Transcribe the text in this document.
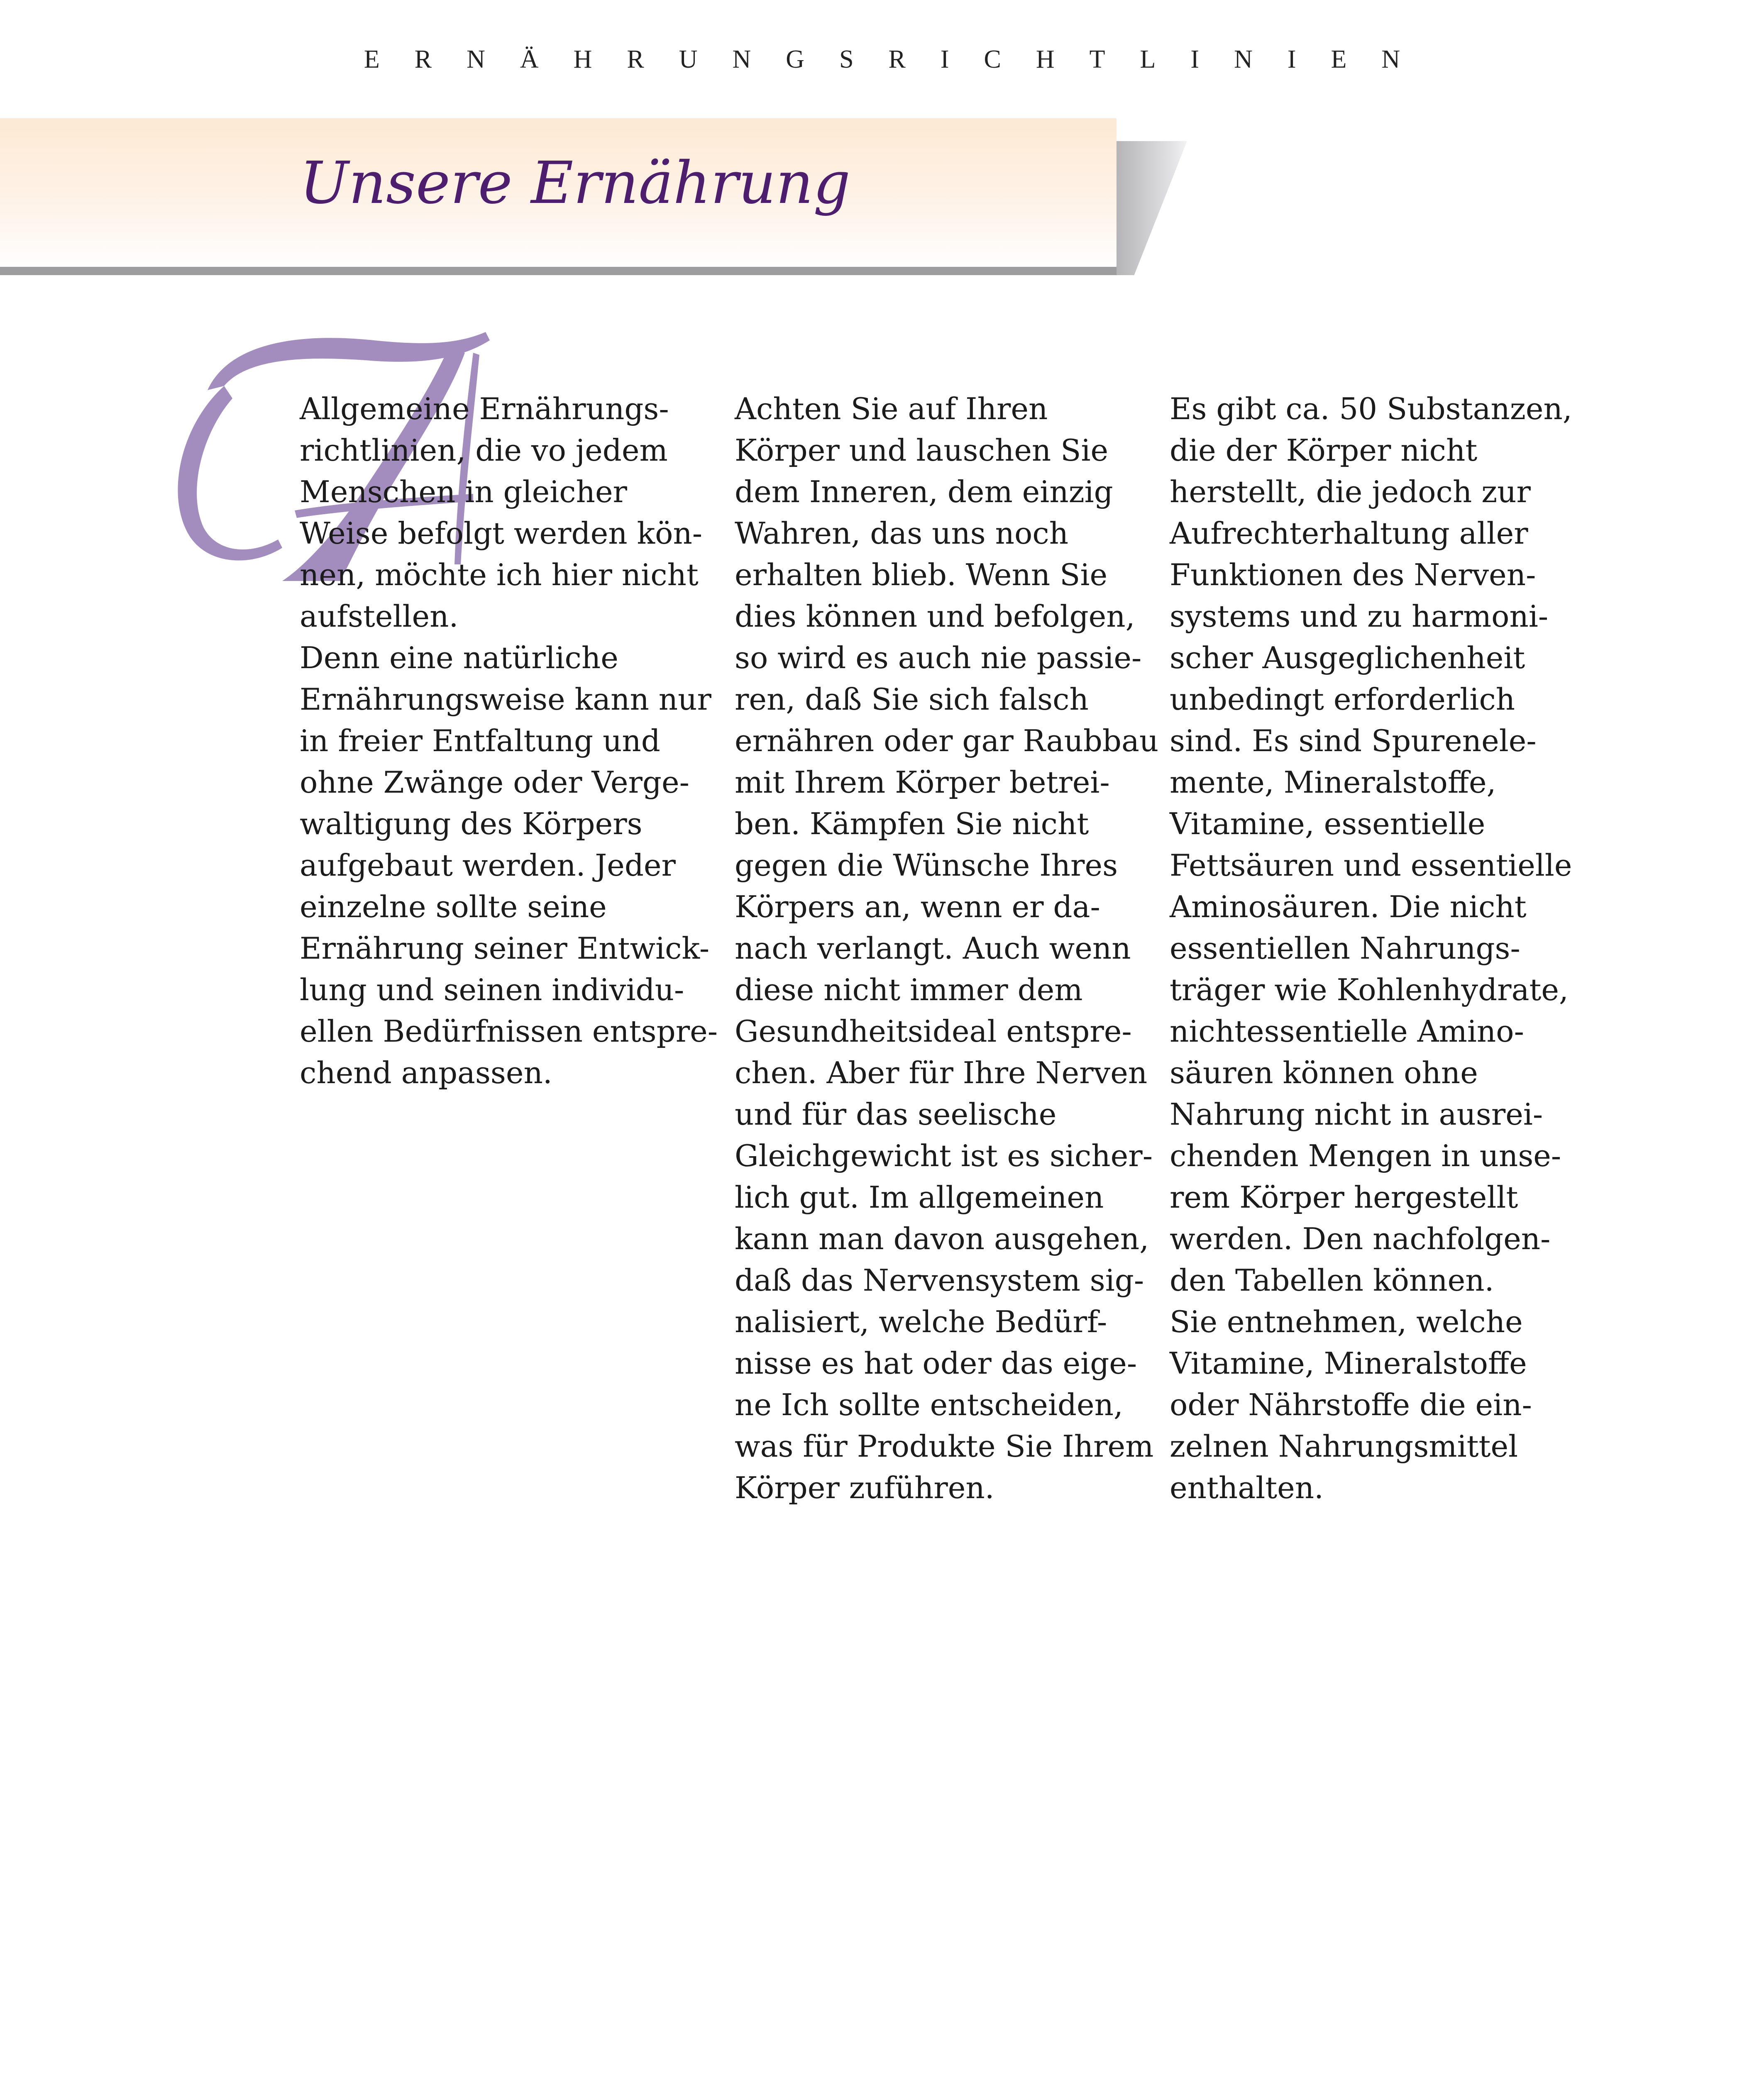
ERNÄHRUNGSRICHTLINIEN
Unsere Ernährung

Allgemeine Ernährungs-

richtlinien, die vo jedem

Menschen in gleicher

Weise befolgt werden kön-

nen, möchte ich hier nicht

aufstellen.

Denn eine natürliche

Ernährungsweise kann nur

in freier Entfaltung und

ohne Zwänge oder Verge-

waltigung des Körpers

aufgebaut werden. Jeder

einzelne sollte seine

Ernährung seiner Entwick-

lung und seinen individu-

ellen Bedürfnissen entspre-

chend anpassen.

Achten Sie auf Ihren

Körper und lauschen Sie

dem Inneren, dem einzig

Wahren, das uns noch

erhalten blieb. Wenn Sie

dies können und befolgen,

so wird es auch nie passie-

ren, daß Sie sich falsch

ernähren oder gar Raubbau

mit Ihrem Körper betrei-

ben. Kämpfen Sie nicht

gegen die Wünsche Ihres

Körpers an, wenn er da-

nach verlangt. Auch wenn

diese nicht immer dem

Gesundheitsideal entspre-

chen. Aber für Ihre Nerven

und für das seelische

Gleichgewicht ist es sicher-

lich gut. Im allgemeinen

kann man davon ausgehen,

daß das Nervensystem sig-

nalisiert, welche Bedürf-

nisse es hat oder das eige-

ne Ich sollte entscheiden,

was für Produkte Sie Ihrem

Körper zuführen.

Es gibt ca. 50 Substanzen,

die der Körper nicht

herstellt, die jedoch zur

Aufrechterhaltung aller

Funktionen des Nerven-

systems und zu harmoni-

scher Ausgeglichenheit

unbedingt erforderlich

sind. Es sind Spurenele-

mente, Mineralstoffe,

Vitamine, essentielle

Fettsäuren und essentielle

Aminosäuren. Die nicht

essentiellen Nahrungs-

träger wie Kohlenhydrate,

nichtessentielle Amino-

säuren können ohne

Nahrung nicht in ausrei-

chenden Mengen in unse-

rem Körper hergestellt

werden. Den nachfolgen-

den Tabellen können.

Sie entnehmen, welche

Vitamine, Mineralstoffe

oder Nährstoffe die ein-

zelnen Nahrungsmittel

enthalten.
